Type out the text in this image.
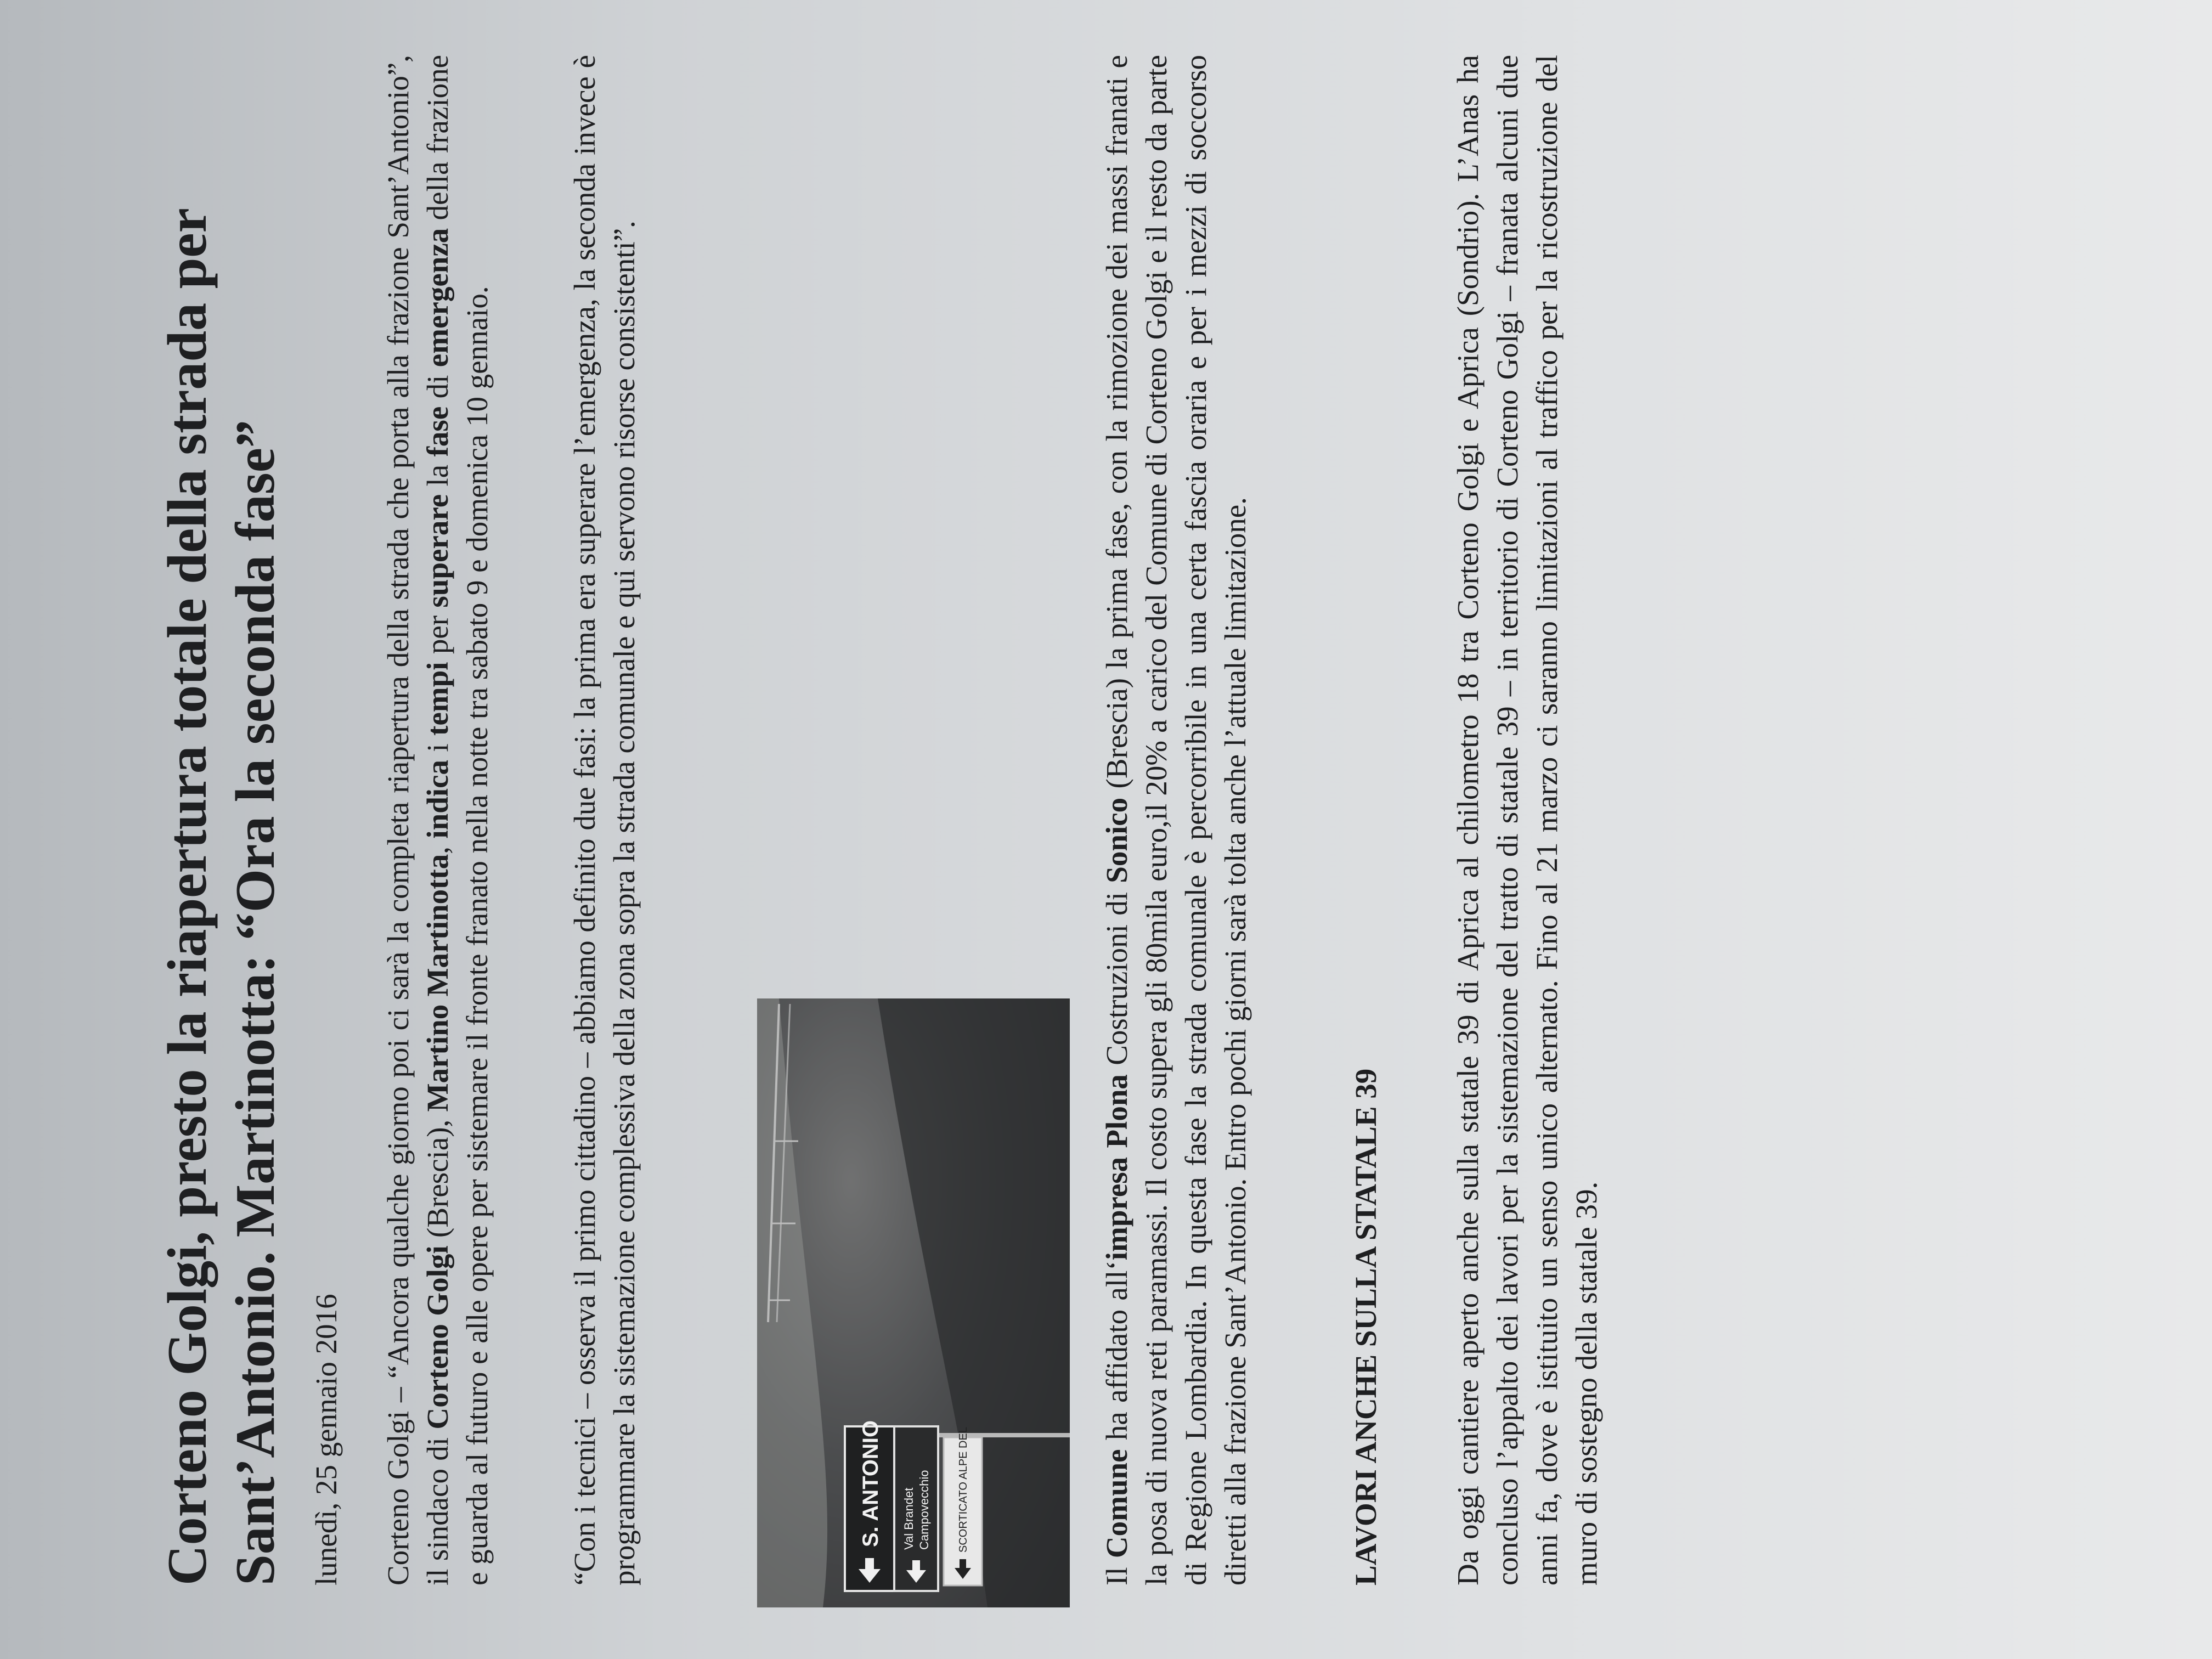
Corteno Golgi, presto la riapertura totale della strada per Sant’Antonio. Martinotta: “Ora la seconda fase” lunedì, 25 gennaio 2016 Corteno Golgi – “Ancora qualche giorno poi ci sarà la completa riapertura della strada che porta alla frazione Sant’Antonio”, il sindaco di Corteno Golgi (Brescia), Martino Martinotta, indica i tempi per superare la fase di emergenza della frazione e guarda al futuro e alle opere per sistemare il fronte franato nella notte tra sabato 9 e domenica 10 gennaio. “Con i tecnici – osserva il primo cittadino – abbiamo definito due fasi: la prima era superare l’emergenza, la seconda invece è programmare la sistemazione complessiva della zona sopra la strada comunale e qui servono risorse consistenti”.	S. ANTONIO Val Brandet Campovecchio SCORTICATO ALPE DEL

Il Comune ha affidato all‘impresa Plona Costruzioni di Sonico (Brescia) la prima fase, con la rimozione dei massi franati e la posa di nuova reti paramassi. Il costo supera gli 80mila euro,il 20% a carico del Comune di Corteno Golgi e il resto da parte di Regione Lombardia. In questa fase la strada comunale è percorribile in una certa fascia oraria e per i mezzi di soccorso diretti alla frazione Sant’Antonio. Entro pochi giorni sarà tolta anche l’attuale limitazione.	LAVORI ANCHE SULLA STATALE 39 Da oggi cantiere aperto anche sulla statale 39 di Aprica al chilometro 18 tra Corteno Golgi e Aprica (Sondrio). L’Anas ha concluso l’appalto dei lavori per la sistemazione del tratto di statale 39 – in territorio di Corteno Golgi – franata alcuni due anni fa, dove è istituito un senso unico alternato. Fino al 21 marzo ci saranno limitazioni al traffico per la ricostruzione del muro di sostegno della statale 39.
